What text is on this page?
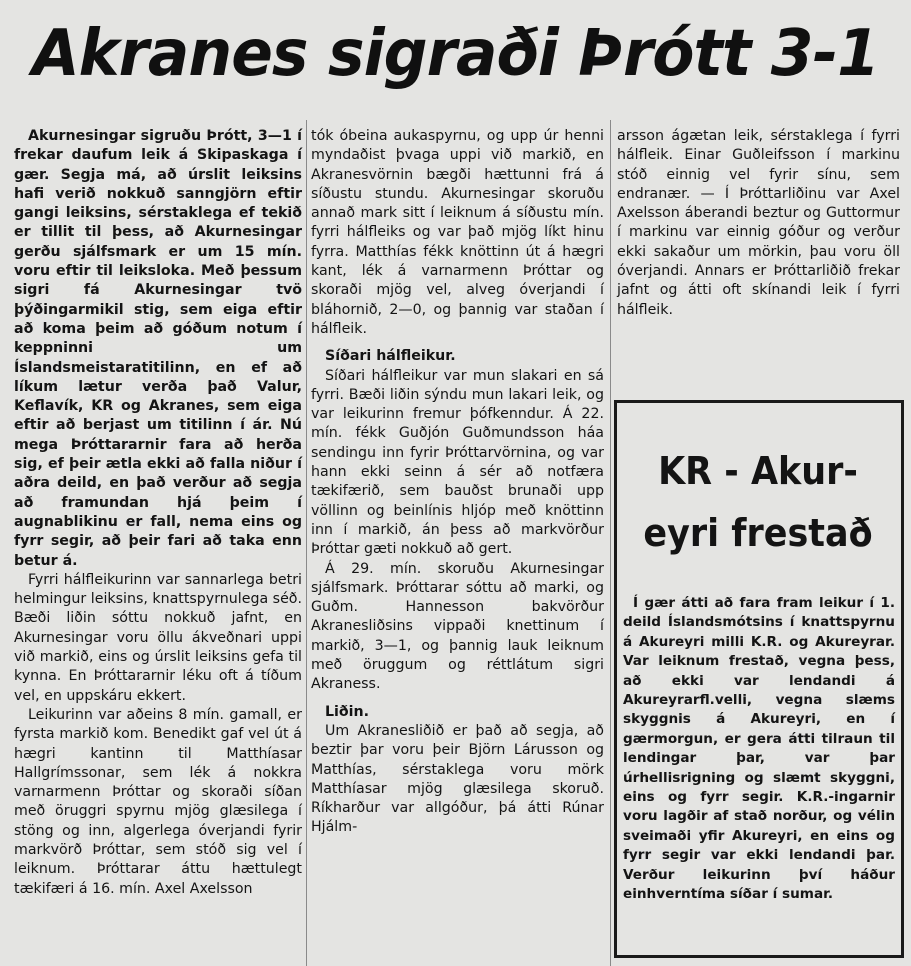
Akranes sigraði Þrótt 3-1

Akurnesingar sigruðu Þrótt, 3—1 í frekar daufum leik á Skipaskaga í gær. Segja má, að úrslit leiksins hafi verið nokkuð sanngjörn eftir gangi leiksins, sérstaklega ef tekið er tillit til þess, að Akurnesingar gerðu sjálfsmark er um 15 mín. voru eftir til leiksloka. Með þessum sigri fá Akurnesingar tvö þýðingarmikil stig, sem eiga eftir að koma þeim að góðum notum í keppninni um Íslandsmeistaratitilinn, en ef að líkum lætur verða það Valur, Keflavík, KR og Akranes, sem eiga eftir að berjast um titilinn í ár. Nú mega Þróttararnir fara að herða sig, ef þeir ætla ekki að falla niður í aðra deild, en það verður að segja að framundan hjá þeim í augnablikinu er fall, nema eins og fyrr segir, að þeir fari að taka enn betur á.

Fyrri hálfleikurinn var sannarlega betri helmingur leiksins, knattspyrnulega séð. Bæði liðin sóttu nokkuð jafnt, en Akurnesingar voru öllu ákveðnari uppi við markið, eins og úrslit leiksins gefa til kynna. En Þróttararnir léku oft á tíðum vel, en uppskáru ekkert.

Leikurinn var aðeins 8 mín. gamall, er fyrsta markið kom. Benedikt gaf vel út á hægri kantinn til Matthíasar Hallgrímssonar, sem lék á nokkra varnarmenn Þróttar og skoraði síðan með öruggri spyrnu mjög glæsilega í stöng og inn, algerlega óverjandi fyrir markvörð Þróttar, sem stóð sig vel í leiknum. Þróttarar áttu hættulegt tækifæri á 16. mín. Axel Axelsson

tók óbeina aukaspyrnu, og upp úr henni myndaðist þvaga uppi við markið, en Akranesvörnin bægði hættunni frá á síðustu stundu. Akurnesingar skoruðu annað mark sitt í leiknum á síðustu mín. fyrri hálfleiks og var það mjög líkt hinu fyrra. Matthías fékk knöttinn út á hægri kant, lék á varnarmenn Þróttar og skoraði mjög vel, alveg óverjandi í bláhornið, 2—0, og þannig var staðan í hálfleik.

Síðari hálfleikur.

Síðari hálfleikur var mun slakari en sá fyrri. Bæði liðin sýndu mun lakari leik, og var leikurinn fremur þófkenndur. Á 22. mín. fékk Guðjón Guðmundsson háa sendingu inn fyrir Þróttarvörnina, og var hann ekki seinn á sér að notfæra tækifærið, sem bauðst brunaði upp völlinn og beinlínis hljóp með knöttinn inn í markið, án þess að markvörður Þróttar gæti nokkuð að gert.

Á 29. mín. skoruðu Akurnesingar sjálfsmark. Þróttarar sóttu að marki, og Guðm. Hannesson bakvörður Akranesliðsins vippaði knettinum í markið, 3—1, og þannig lauk leiknum með öruggum og réttlátum sigri Akraness.

Liðin.

Um Akranesliðið er það að segja, að beztir þar voru þeir Björn Lárusson og Matthías, sérstaklega voru mörk Matthíasar mjög glæsilega skoruð. Ríkharður var allgóður, þá átti Rúnar Hjálm-

arsson ágætan leik, sérstaklega í fyrri hálfleik. Einar Guðleifsson í markinu stóð einnig vel fyrir sínu, sem endranær. — Í Þróttarliðinu var Axel Axelsson áberandi beztur og Guttormur í markinu var einnig góður og verður ekki sakaður um mörkin, þau voru öll óverjandi. Annars er Þróttarliðið frekar jafnt og átti oft skínandi leik í fyrri hálfleik.

KR - Akur-
eyri frestað

Í gær átti að fara fram leikur í 1. deild Íslandsmótsins í knattspyrnu á Akureyri milli K.R. og Akureyrar. Var leiknum frestað, vegna þess, að ekki var lendandi á Akureyrarfl.velli, vegna slæms skyggnis á Akureyri, en í gærmorgun, er gera átti tilraun til lendingar þar, var þar úrhellisrigning og slæmt skyggni, eins og fyrr segir. K.R.-ingarnir voru lagðir af stað norður, og vélin sveimaði yfir Akureyri, en eins og fyrr segir var ekki lendandi þar. Verður leikurinn því háður einhverntíma síðar í sumar.
